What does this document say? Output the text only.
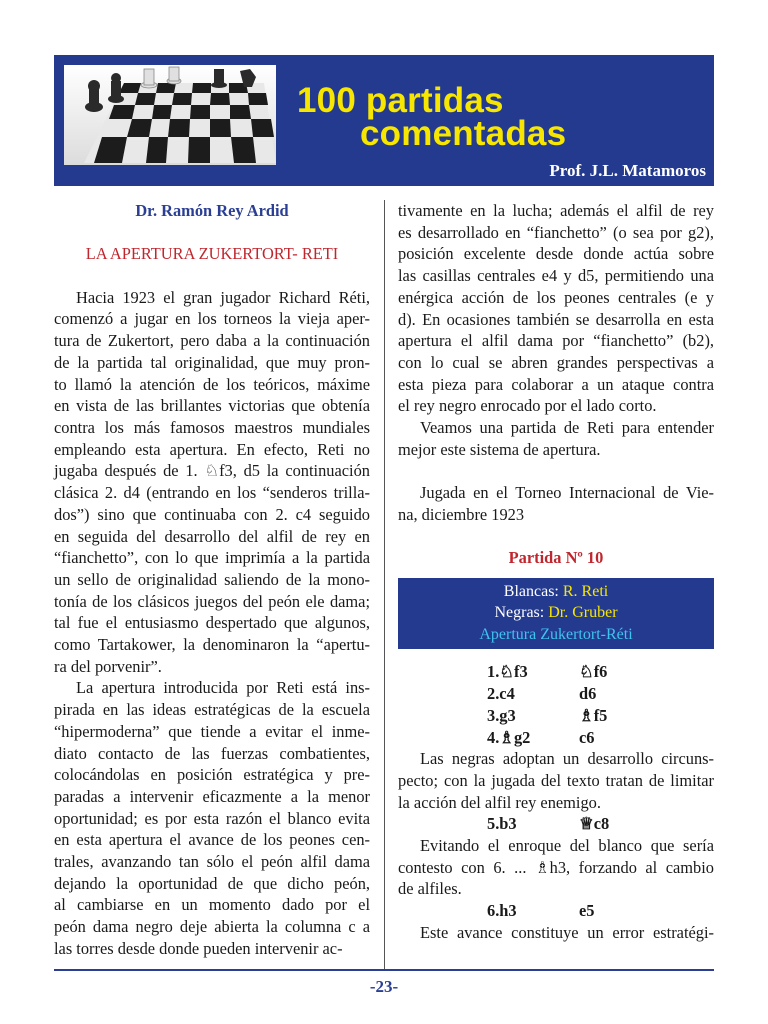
100 partidas
comentadas
Prof. J.L. Matamoros
Dr. Ramón Rey Ardid
LA APERTURA ZUKERTORT- RETI
Hacia 1923 el gran jugador Richard Réti,
comenzó a jugar en los torneos la vieja aper-
tura de Zukertort, pero daba a la continuación
de la partida tal originalidad, que muy pron-
to llamó la atención de los teóricos, máxime
en vista de las brillantes victorias que obtenía
contra los más famosos maestros mundiales
empleando esta apertura. En efecto, Reti no
jugaba después de 1. ♘f3, d5 la continuación
clásica 2. d4 (entrando en los “senderos trilla-
dos”) sino que continuaba con 2. c4 seguido
en seguida del desarrollo del alfil de rey en
“fianchetto”, con lo que imprimía a la partida
un sello de originalidad saliendo de la mono-
tonía de los clásicos juegos del peón ele dama;
tal fue el entusiasmo despertado que algunos,
como Tartakower, la denominaron la “apertu-
ra del porvenir”.
La apertura introducida por Reti está ins-
pirada en las ideas estratégicas de la escuela
“hipermoderna” que tiende a evitar el inme-
diato contacto de las fuerzas combatientes,
colocándolas en posición estratégica y pre-
paradas a intervenir eficazmente a la menor
oportunidad; es por esta razón el blanco evita
en esta apertura el avance de los peones cen-
trales, avanzando tan sólo el peón alfil dama
dejando la oportunidad de que dicho peón,
al cambiarse en un momento dado por el
peón dama negro deje abierta la columna c a
las torres desde donde pueden intervenir ac-
tivamente en la lucha; además el alfil de rey
es desarrollado en “fianchetto” (o sea por g2),
posición excelente desde donde actúa sobre
las casillas centrales e4 y d5, permitiendo una
enérgica acción de los peones centrales (e y
d). En ocasiones también se desarrolla en esta
apertura el alfil dama por “fianchetto” (b2),
con lo cual se abren grandes perspectivas a
esta pieza para colaborar a un ataque contra
el rey negro enrocado por el lado corto.
Veamos una partida de Reti para entender
mejor este sistema de apertura.
Jugada en el Torneo Internacional de Vie-
na, diciembre 1923
Partida Nº 10
Blancas: R. Reti
Negras: Dr. Gruber
Apertura Zukertort-Réti
1.♘f3	♘f6
2.c4	d6
3.g3	♗f5
4.♗g2	c6
Las negras adoptan un desarrollo circuns-
pecto; con la jugada del texto tratan de limitar
la acción del alfil rey enemigo.
5.b3	♕c8
Evitando el enroque del blanco que sería
contesto con 6. ... ♗h3, forzando al cambio
de alfiles.
6.h3	e5
Este avance constituye un error estratégi-
-23-
